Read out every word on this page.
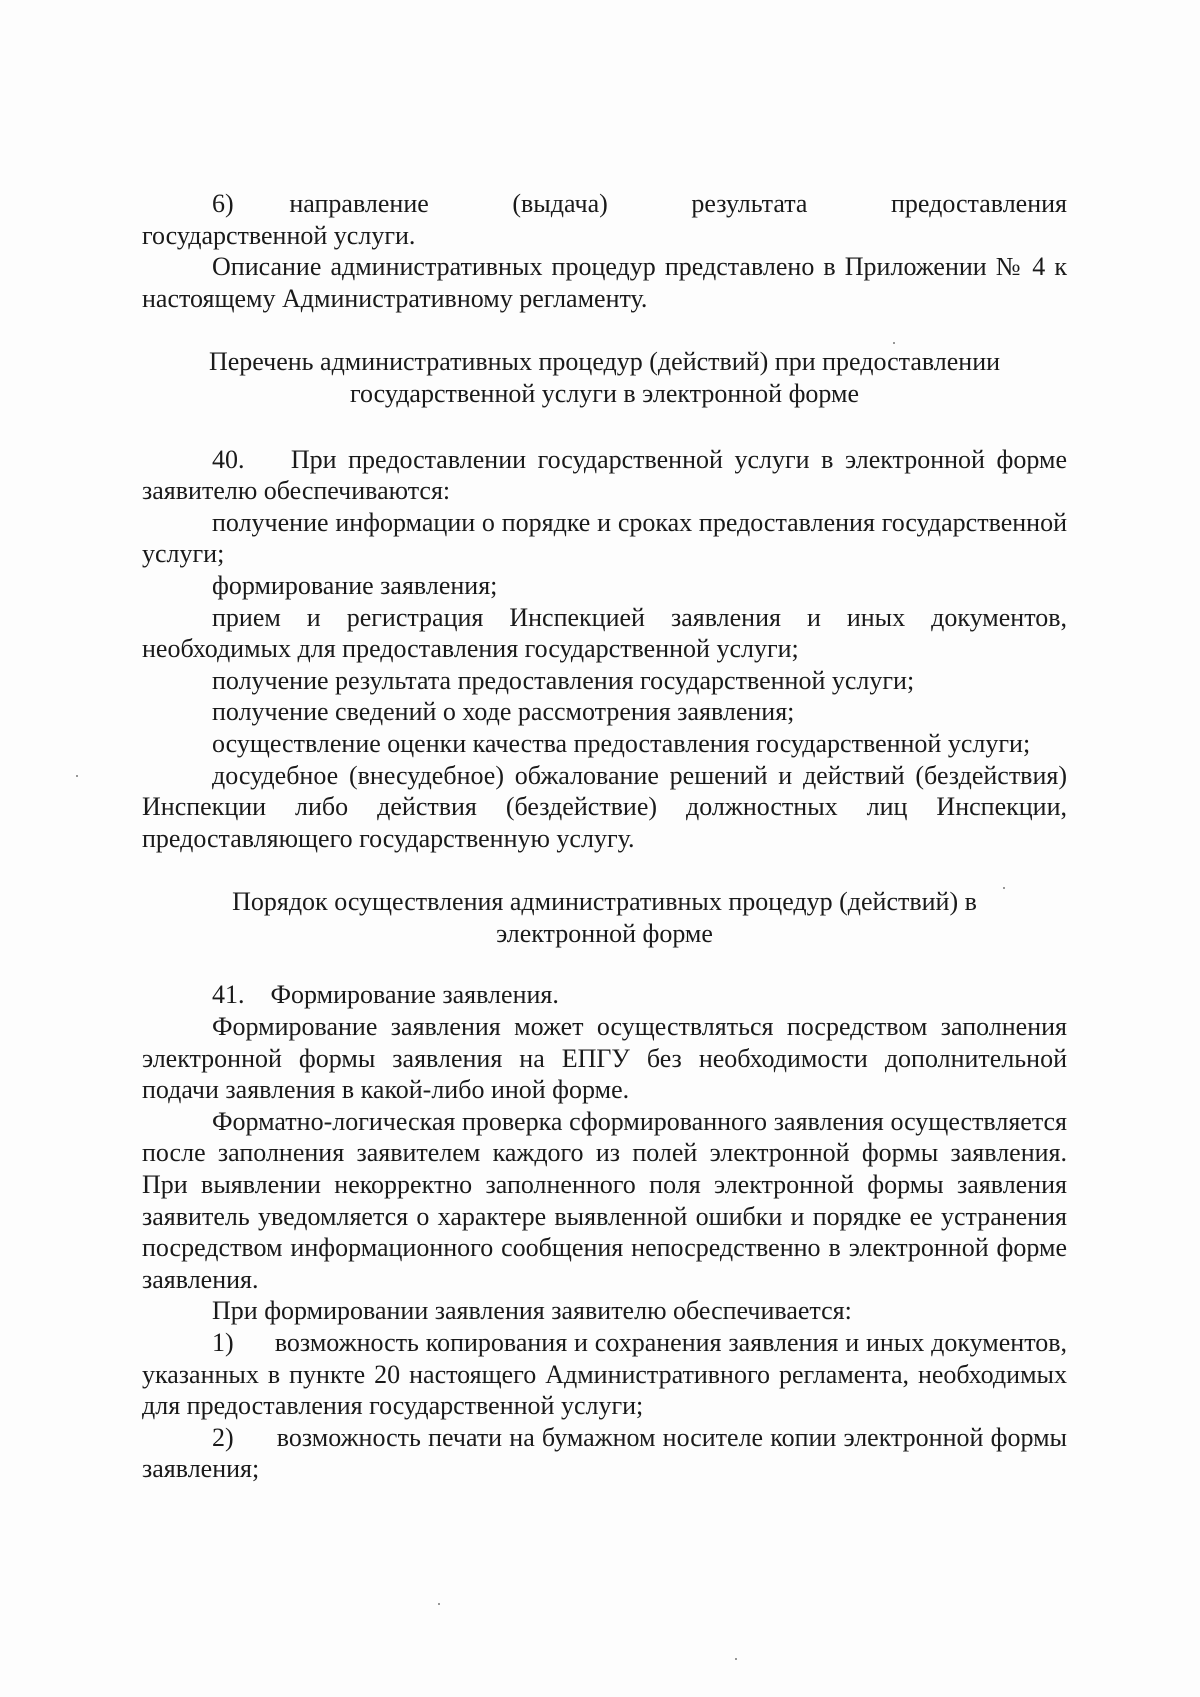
6)      направление         (выдача)         результата         предоставления государственной услуги.

Описание административных процедур представлено в Приложении № 4 к настоящему Административному регламенту.

Перечень административных процедур (действий) при предоставлении

государственной услуги в электронной форме

40.    При предоставлении государственной услуги в электронной форме заявителю обеспечиваются:

получение информации о порядке и сроках предоставления государственной услуги;

формирование заявления;

прием и регистрация Инспекцией заявления и иных документов, необходимых для предоставления государственной услуги;

получение результата предоставления государственной услуги;

получение сведений о ходе рассмотрения заявления;

осуществление оценки качества предоставления государственной услуги;

досудебное (внесудебное) обжалование решений и действий (бездействия) Инспекции либо действия (бездействие) должностных лиц Инспекции, предоставляющего государственную услугу.

Порядок осуществления административных процедур (действий) в

электронной форме

41.    Формирование заявления.

Формирование заявления может осуществляться посредством заполнения электронной формы заявления на ЕПГУ без необходимости дополнительной подачи заявления в какой-либо иной форме.

Форматно-логическая проверка сформированного заявления осуществляется после заполнения заявителем каждого из полей электронной формы заявления. При выявлении некорректно заполненного поля электронной формы заявления заявитель уведомляется о характере выявленной ошибки и порядке ее устранения посредством информационного сообщения непосредственно в электронной форме заявления.

При формировании заявления заявителю обеспечивается:

1)      возможность копирования и сохранения заявления и иных документов, указанных в пункте 20 настоящего Административного регламента, необходимых для предоставления государственной услуги;

2)      возможность печати на бумажном носителе копии электронной формы заявления;
